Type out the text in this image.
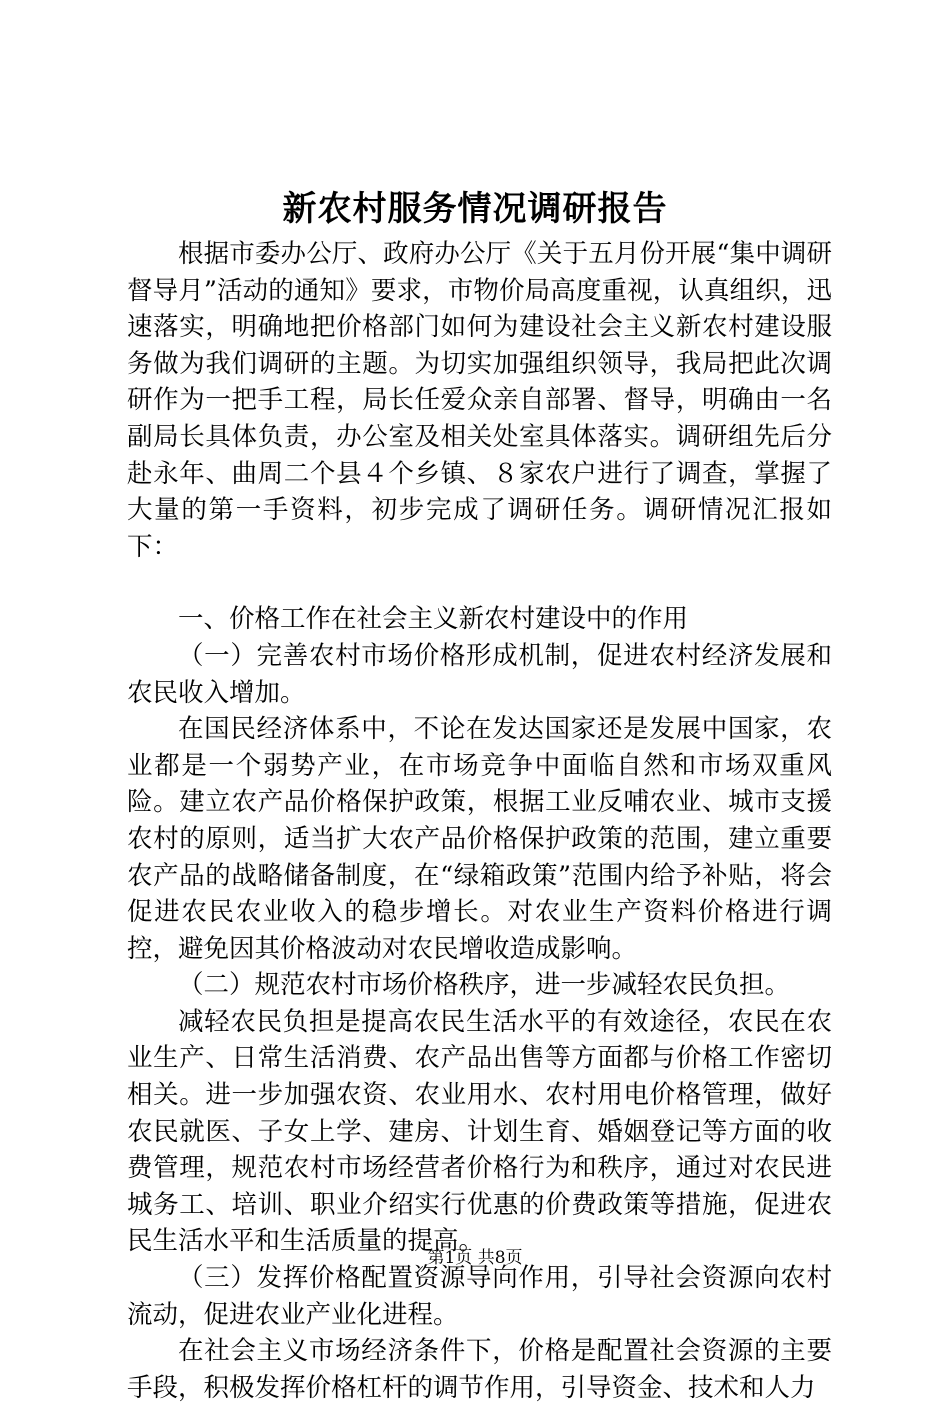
新农村服务情况调研报告

根据市委办公厅、政府办公厅《关于五月份开展“集中调研督导月”活动的通知》要求，市物价局高度重视，认真组织，迅速落实，明确地把价格部门如何为建设社会主义新农村建设服务做为我们调研的主题。为切实加强组织领导，我局把此次调研作为一把手工程，局长任爱众亲自部署、督导，明确由一名副局长具体负责，办公室及相关处室具体落实。调研组先后分赴永年、曲周二个县４个乡镇、８家农户进行了调查，掌握了大量的第一手资料，初步完成了调研任务。调研情况汇报如下：

一、价格工作在社会主义新农村建设中的作用

（一）完善农村市场价格形成机制，促进农村经济发展和农民收入增加。

在国民经济体系中，不论在发达国家还是发展中国家，农业都是一个弱势产业，在市场竞争中面临自然和市场双重风险。建立农产品价格保护政策，根据工业反哺农业、城市支援农村的原则，适当扩大农产品价格保护政策的范围，建立重要农产品的战略储备制度，在“绿箱政策”范围内给予补贴，将会促进农民农业收入的稳步增长。对农业生产资料价格进行调控，避免因其价格波动对农民增收造成影响。

（二）规范农村市场价格秩序，进一步减轻农民负担。

减轻农民负担是提高农民生活水平的有效途径，农民在农业生产、日常生活消费、农产品出售等方面都与价格工作密切相关。进一步加强农资、农业用水、农村用电价格管理，做好农民就医、子女上学、建房、计划生育、婚姻登记等方面的收费管理，规范农村市场经营者价格行为和秩序，通过对农民进城务工、培训、职业介绍实行优惠的价费政策等措施，促进农民生活水平和生活质量的提高。

（三）发挥价格配置资源导向作用，引导社会资源向农村流动，促进农业产业化进程。

在社会主义市场经济条件下，价格是配置社会资源的主要手段，积极发挥价格杠杆的调节作用，引导资金、技术和人力

第1页 共8页
